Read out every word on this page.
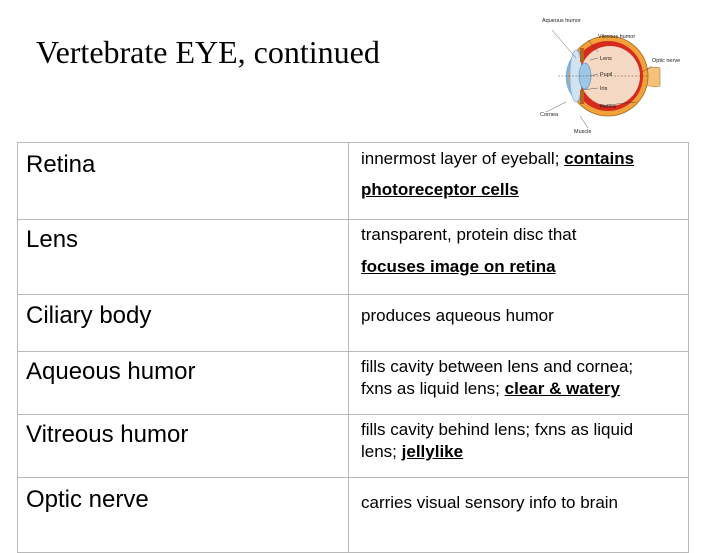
Vertebrate EYE, continued
Aqueous humor
Vitreous humor
Lens
Pupil
Iris
Retina
Cornea
Muscle
Optic nerve
Retina	innermost layer of eyeball; contains
photoreceptor cells

Lens	transparent, protein disc that
focuses image on retina

Ciliary body	produces aqueous humor

Aqueous humor	fills cavity between lens and cornea;
fxns as liquid lens; clear & watery

Vitreous humor	fills cavity behind lens; fxns as liquid
lens; jellylike

Optic nerve	carries visual sensory info to brain
